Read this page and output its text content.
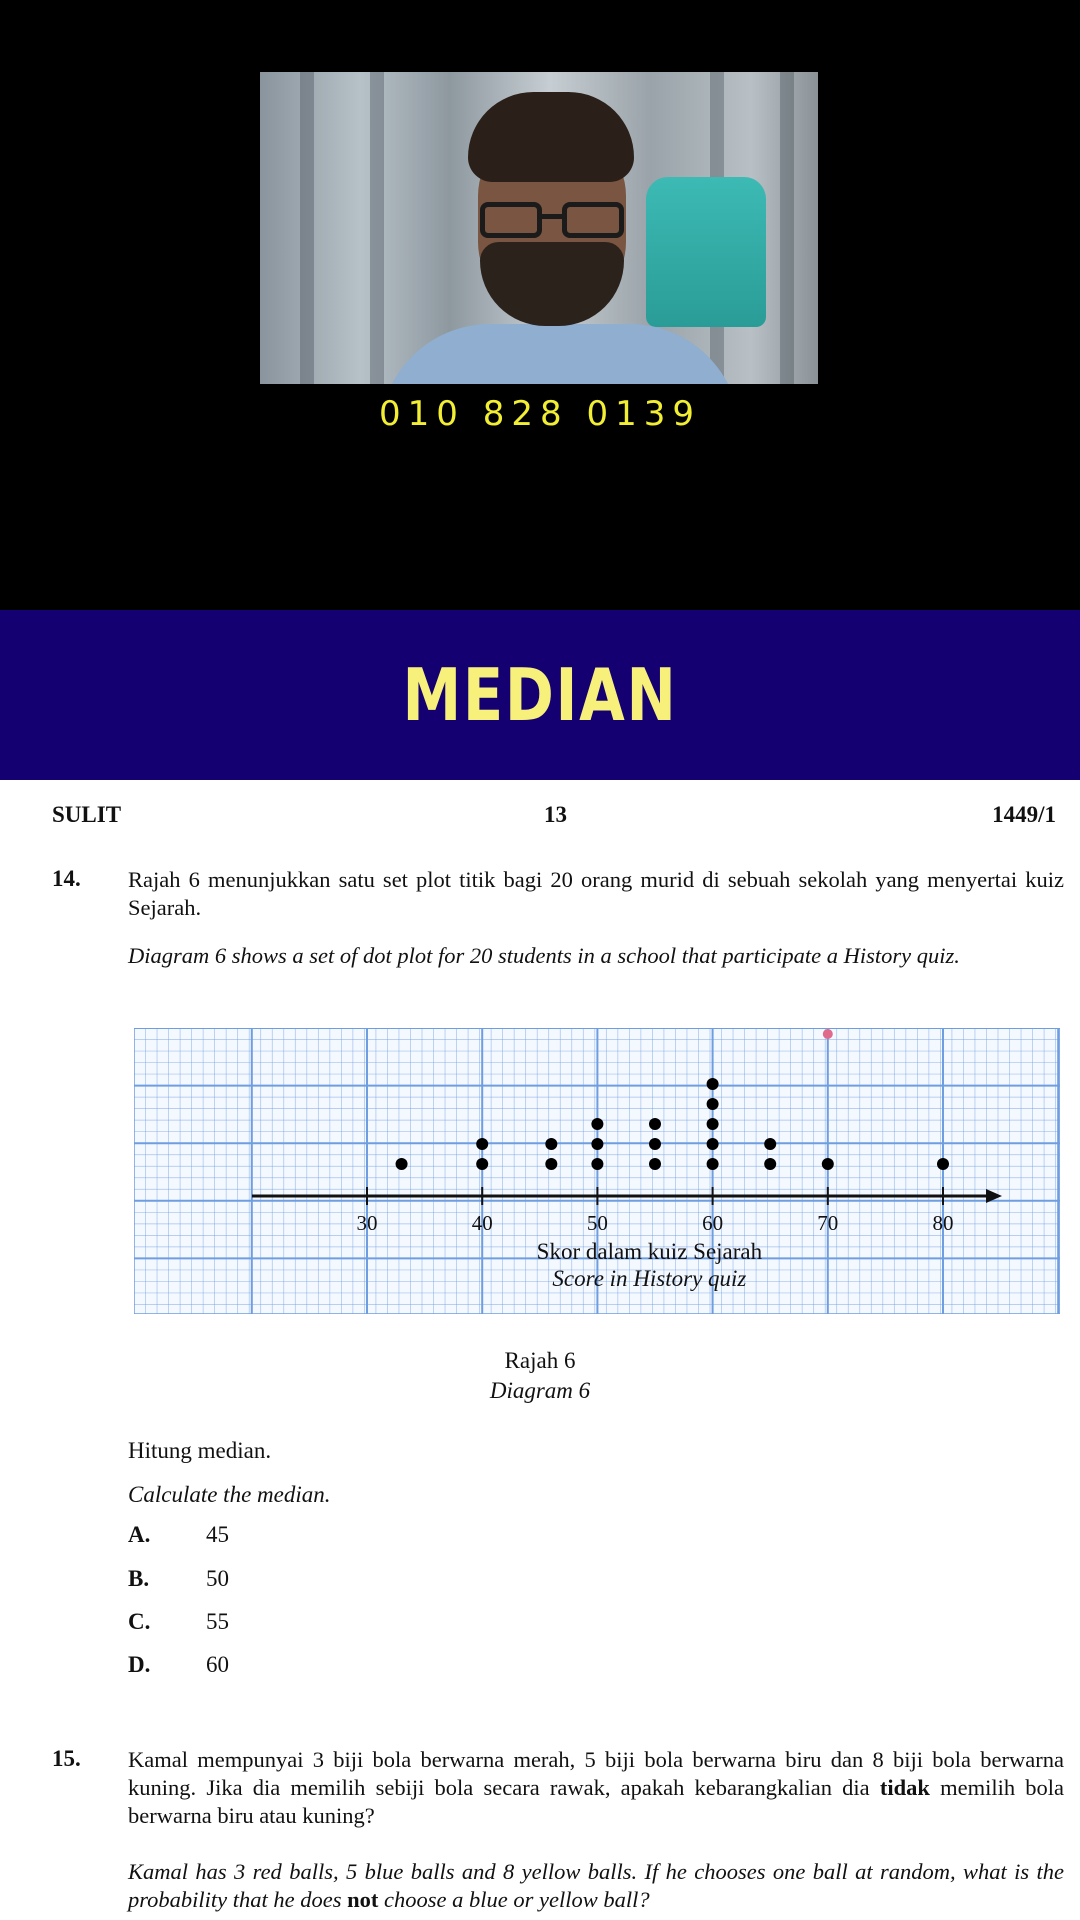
010 828 0139
MEDIAN
SULIT	13	1449/1
14. Rajah 6 menunjukkan satu set plot titik bagi 20 orang murid di sebuah sekolah yang menyertai kuiz Sejarah.
Diagram 6 shows a set of dot plot for 20 students in a school that participate a History quiz.
30	40	50	60	70	80
Skor dalam kuiz Sejarah
Score in History quiz
Rajah 6
Diagram 6
Hitung median.
Calculate the median.
A. 45
B. 50
C. 55
D. 60
15. Kamal mempunyai 3 biji bola berwarna merah, 5 biji bola berwarna biru dan 8 biji bola berwarna kuning. Jika dia memilih sebiji bola secara rawak, apakah kebarangkalian dia tidak memilih bola berwarna biru atau kuning?
Kamal has 3 red balls, 5 blue balls and 8 yellow balls. If he chooses one ball at random, what is the probability that he does not choose a blue or yellow ball?
